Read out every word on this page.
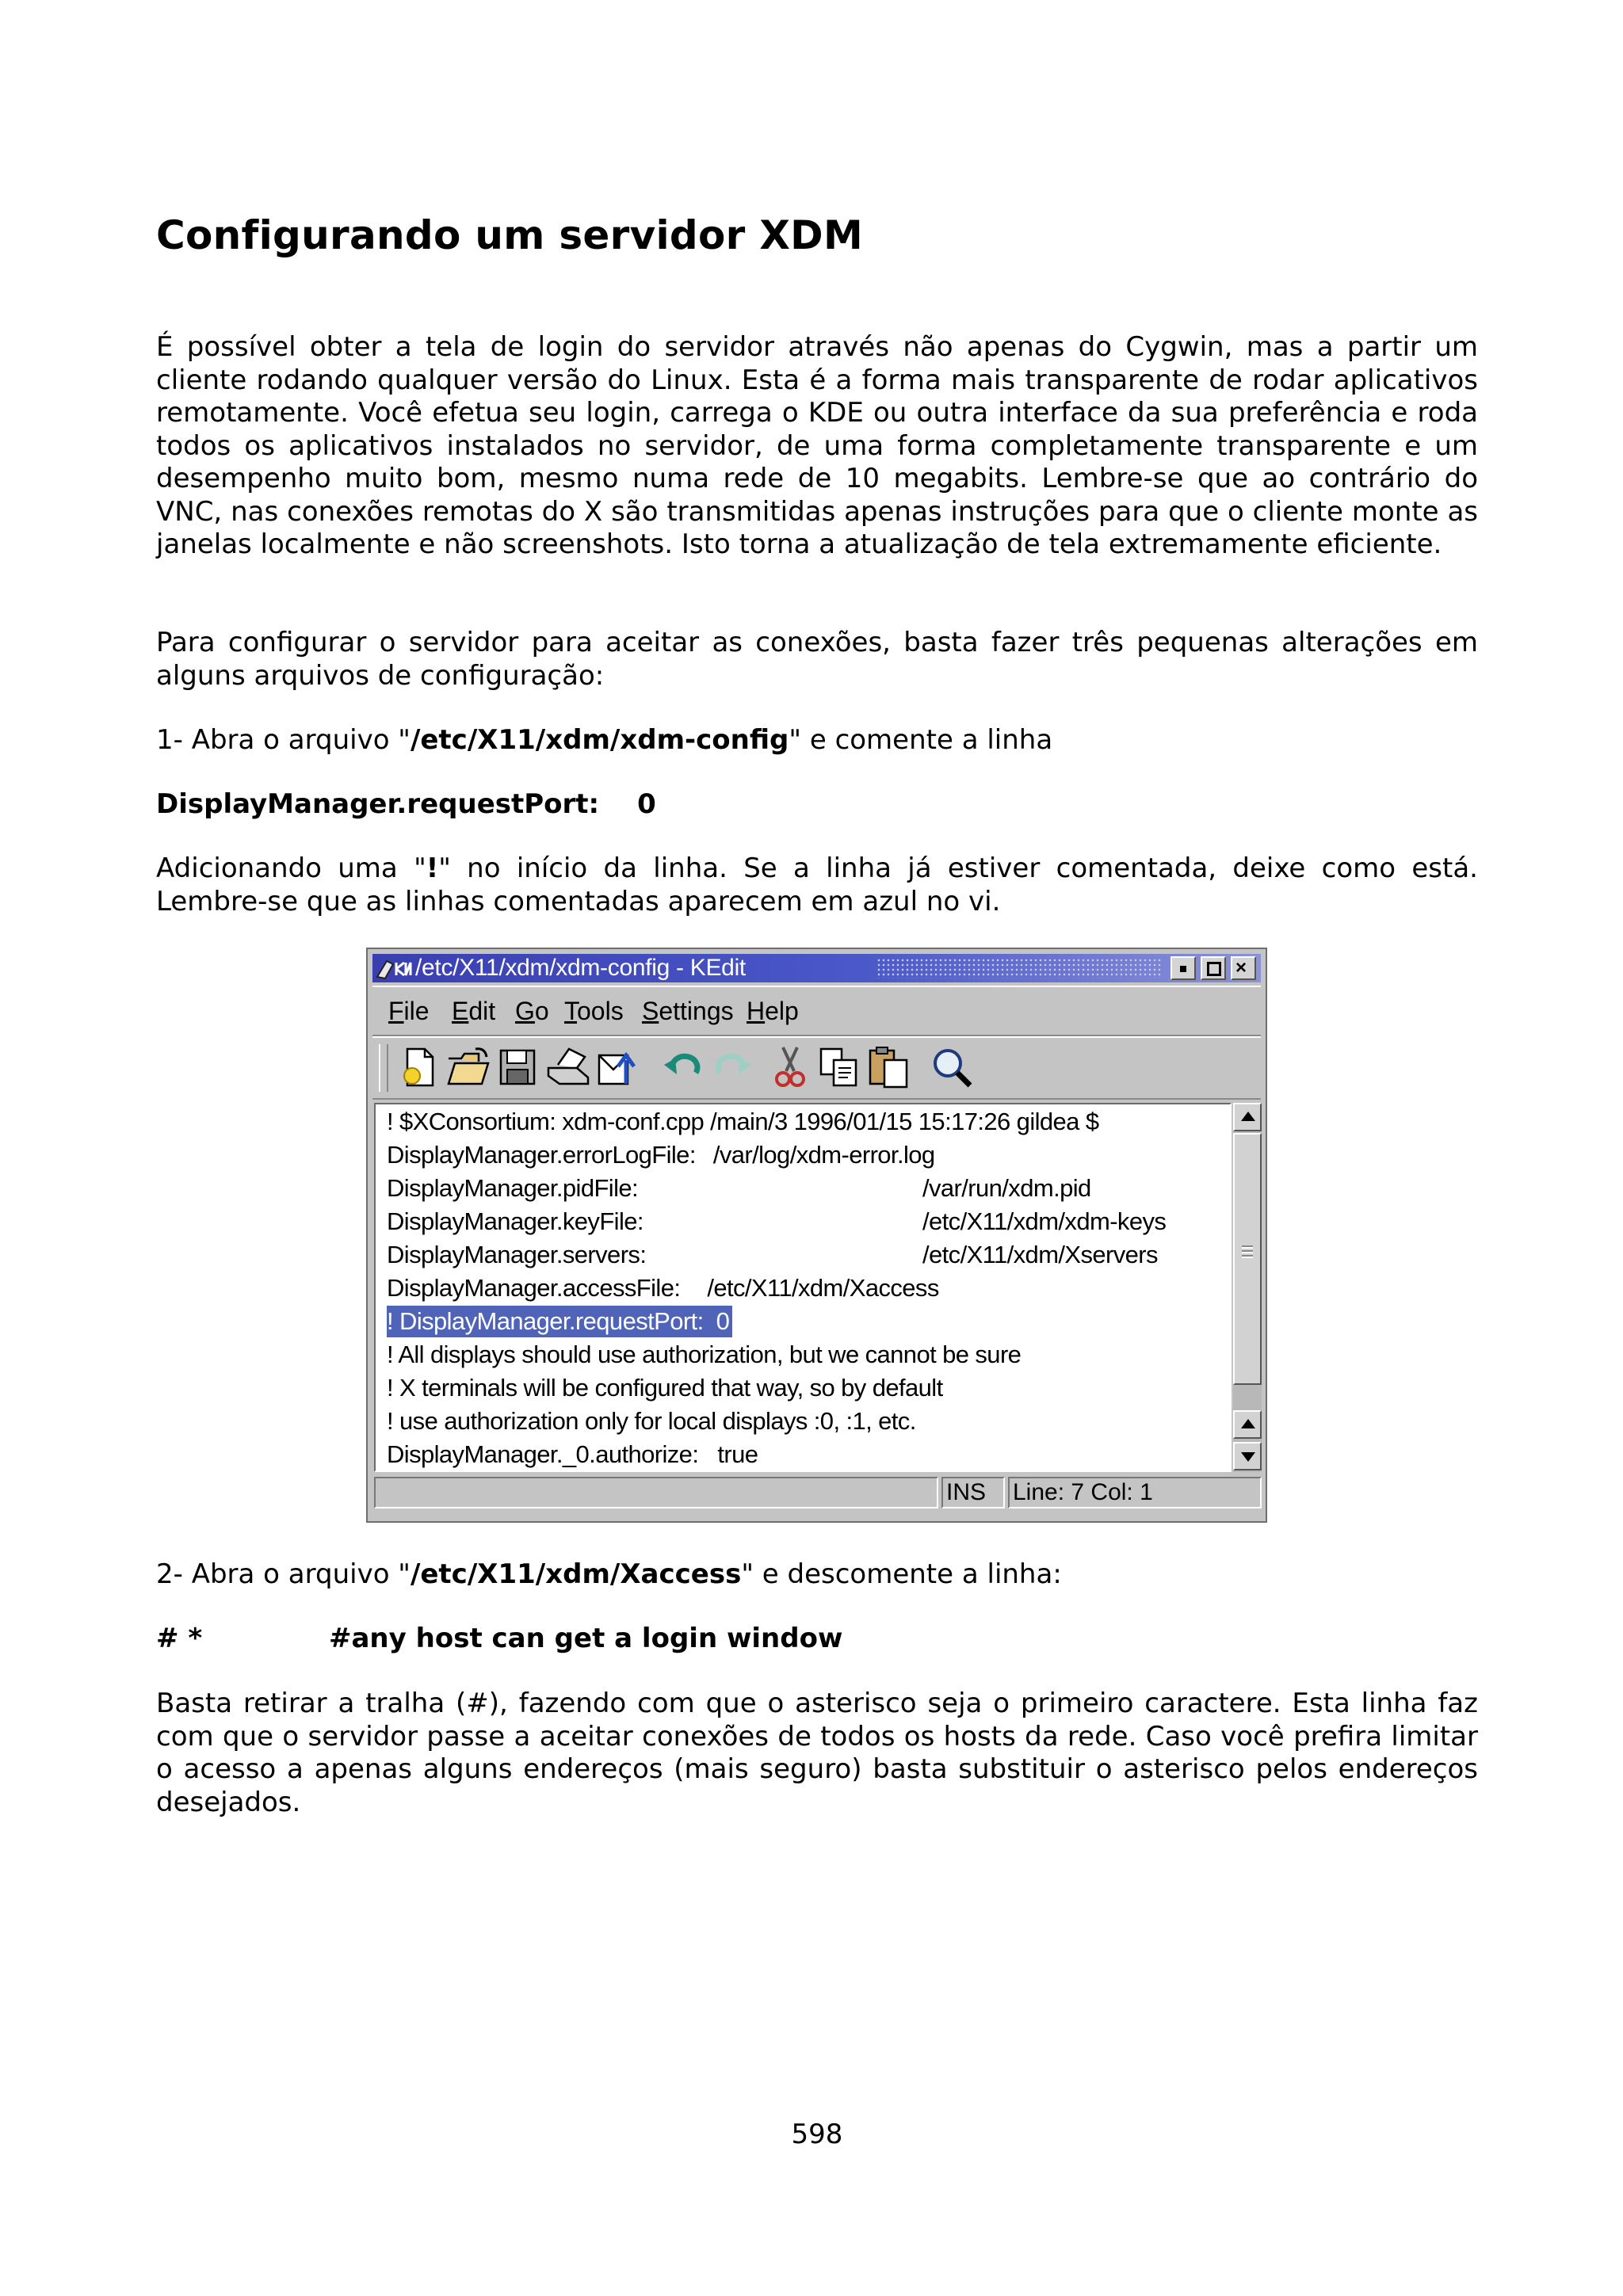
Configurando um servidor XDM

É possível obter a tela de login do servidor através não apenas do Cygwin, mas a partir um cliente rodando qualquer versão do Linux. Esta é a forma mais transparente de rodar aplicativos remotamente. Você efetua seu login, carrega o KDE ou outra interface da sua preferência e roda todos os aplicativos instalados no servidor, de uma forma completamente transparente e um desempenho muito bom, mesmo numa rede de 10 megabits. Lembre-se que ao contrário do VNC, nas conexões remotas do X são transmitidas apenas instruções para que o cliente monte as janelas localmente e não screenshots. Isto torna a atualização de tela extremamente eficiente.

Para configurar o servidor para aceitar as conexões, basta fazer três pequenas alterações em alguns arquivos de configuração:

1- Abra o arquivo "/etc/X11/xdm/xdm-config" e comente a linha

DisplayManager.requestPort: 0

Adicionando uma "!" no início da linha. Se a linha já estiver comentada, deixe como está. Lembre-se que as linhas comentadas aparecem em azul no vi.

/etc/X11/xdm/xdm-config - KEdit	×
File Edit Go Tools Settings Help
! $XConsortium: xdm-conf.cpp /main/3 1996/01/15 15:17:26 gildea $
DisplayManager.errorLogFile: /var/log/xdm-error.log
DisplayManager.pidFile:	/var/run/xdm.pid
DisplayManager.keyFile:	/etc/X11/xdm/xdm-keys
DisplayManager.servers:	/etc/X11/xdm/Xservers
DisplayManager.accessFile: /etc/X11/xdm/Xaccess
! DisplayManager.requestPort:  0
! All displays should use authorization, but we cannot be sure
! X terminals will be configured that way, so by default
! use authorization only for local displays :0, :1, etc.
DisplayManager._0.authorize: true
INS	Line: 7 Col: 1

2- Abra o arquivo "/etc/X11/xdm/Xaccess" e descomente a linha:

# *	#any host can get a login window

Basta retirar a tralha (#), fazendo com que o asterisco seja o primeiro caractere. Esta linha faz com que o servidor passe a aceitar conexões de todos os hosts da rede. Caso você prefira limitar o acesso a apenas alguns endereços (mais seguro) basta substituir o asterisco pelos endereços desejados.

598
